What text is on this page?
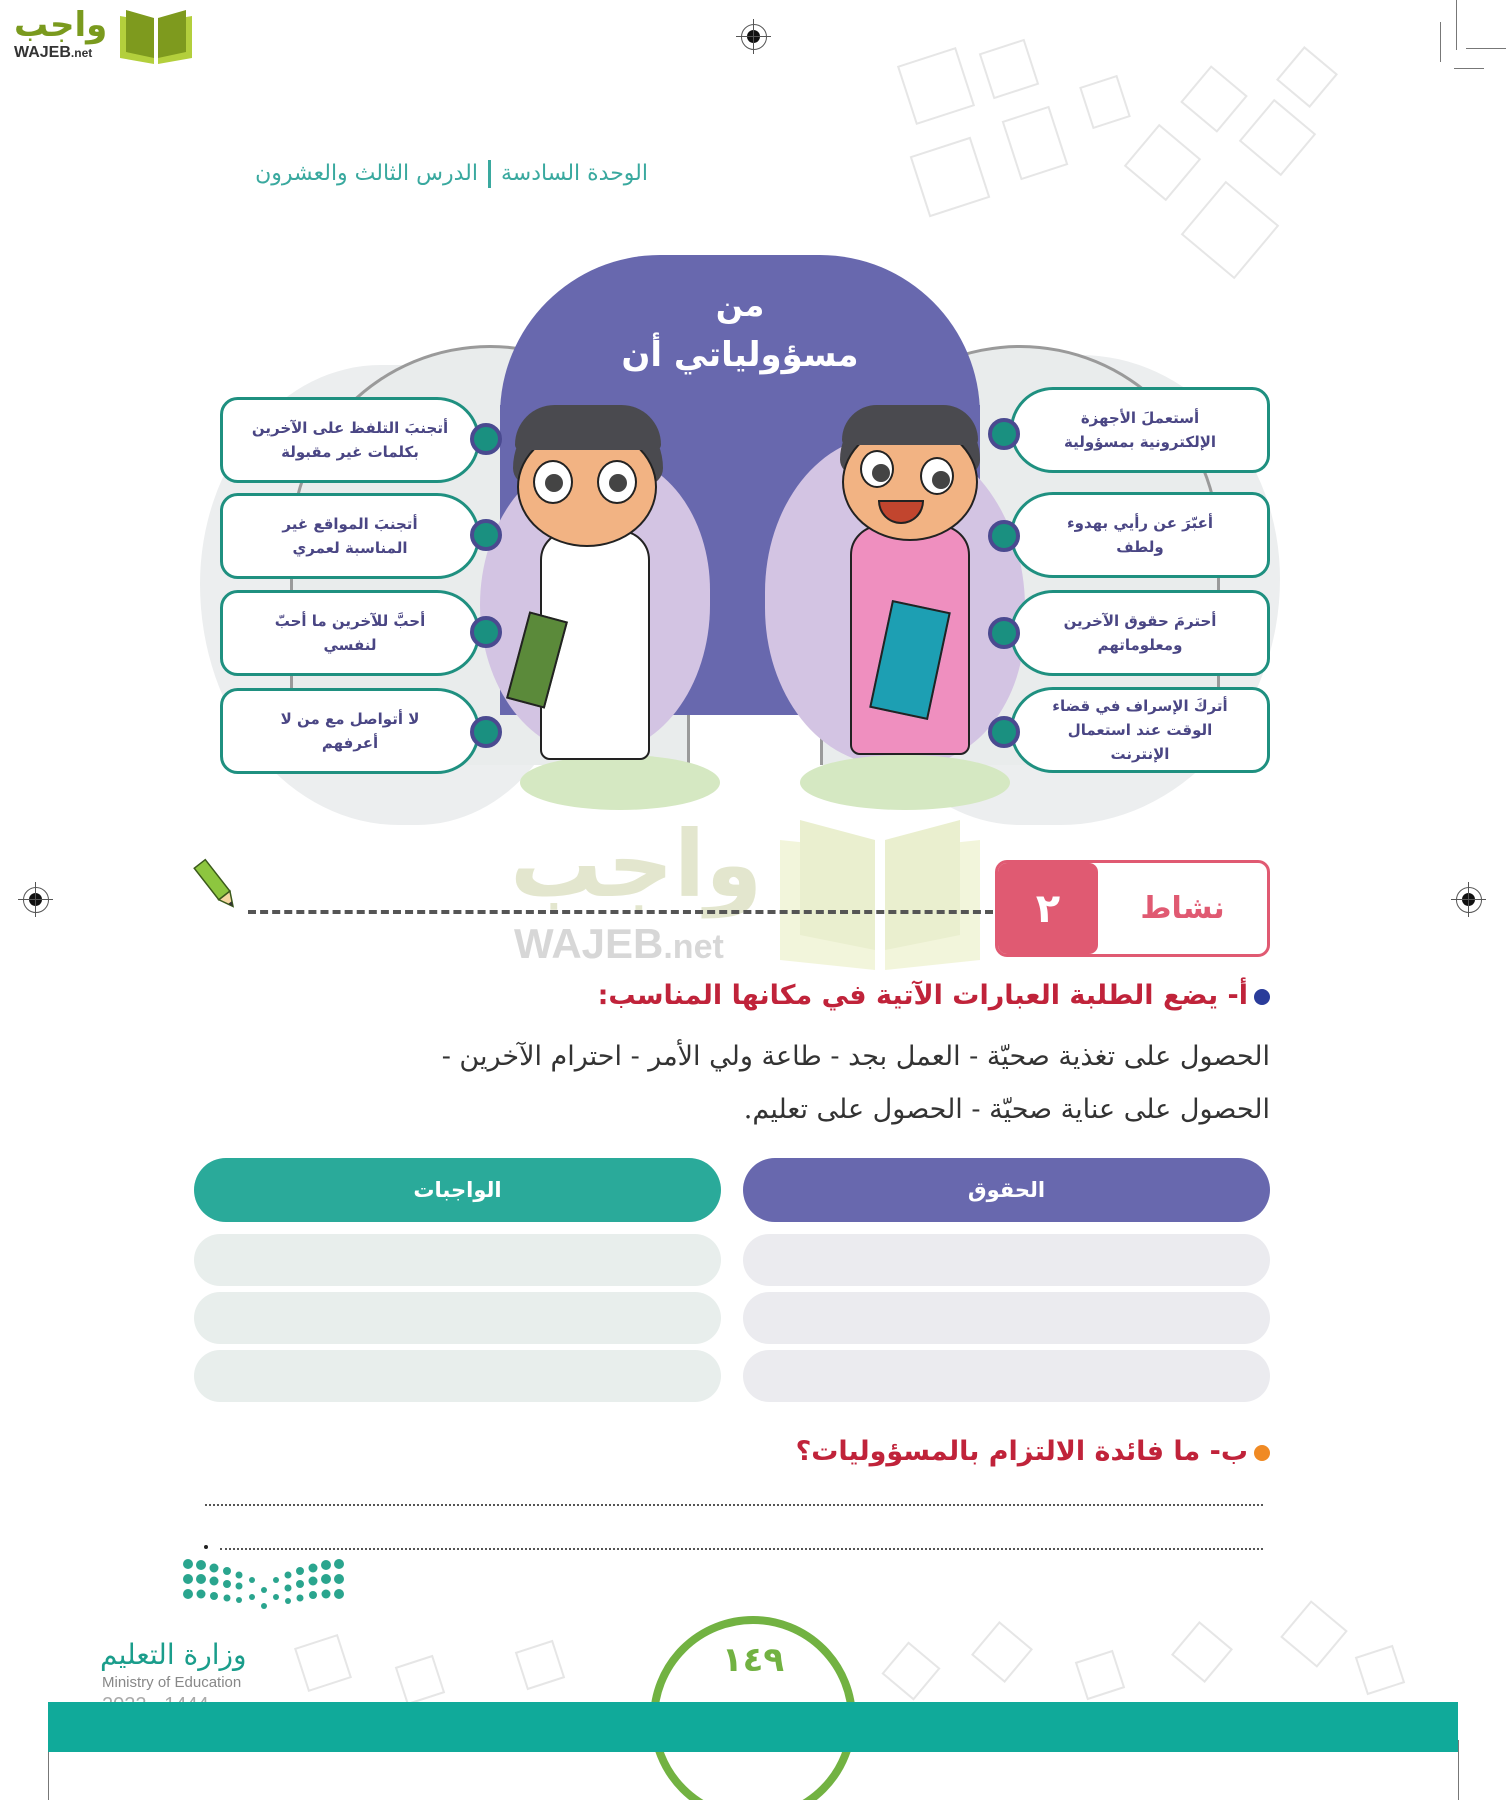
واجب
WAJEB.net
الوحدة السادسةالدرس الثالث والعشرون
من
مسؤولياتي أن
أتجنبَ التلفظ على الآخرين بكلمات غير مقبولة
أتجنبَ المواقع غير المناسبة لعمري
أحبَّ للآخرين ما أحبّ لنفسي
لا أتواصل مع من لا أعرفهم
أستعملَ الأجهزة الإلكترونية بمسؤولية
أعبّرَ عن رأيي بهدوء ولطف
أحترمَ حقوق الآخرين ومعلوماتهم
أتركَ الإسراف في قضاء الوقت عند استعمال الإنترنت
واجب
WAJEB.net
٢	نشاط
أ- يضع الطلبة العبارات الآتية في مكانها المناسب:
الحصول على تغذية صحيّة - العمل بجد - طاعة ولي الأمر - احترام الآخرين -
الحصول على عناية صحيّة - الحصول على تعليم.
الحقوق
الواجبات
ب- ما فائدة الالتزام بالمسؤوليات؟
وزارة التعليم
Ministry of Education
١٤٩
